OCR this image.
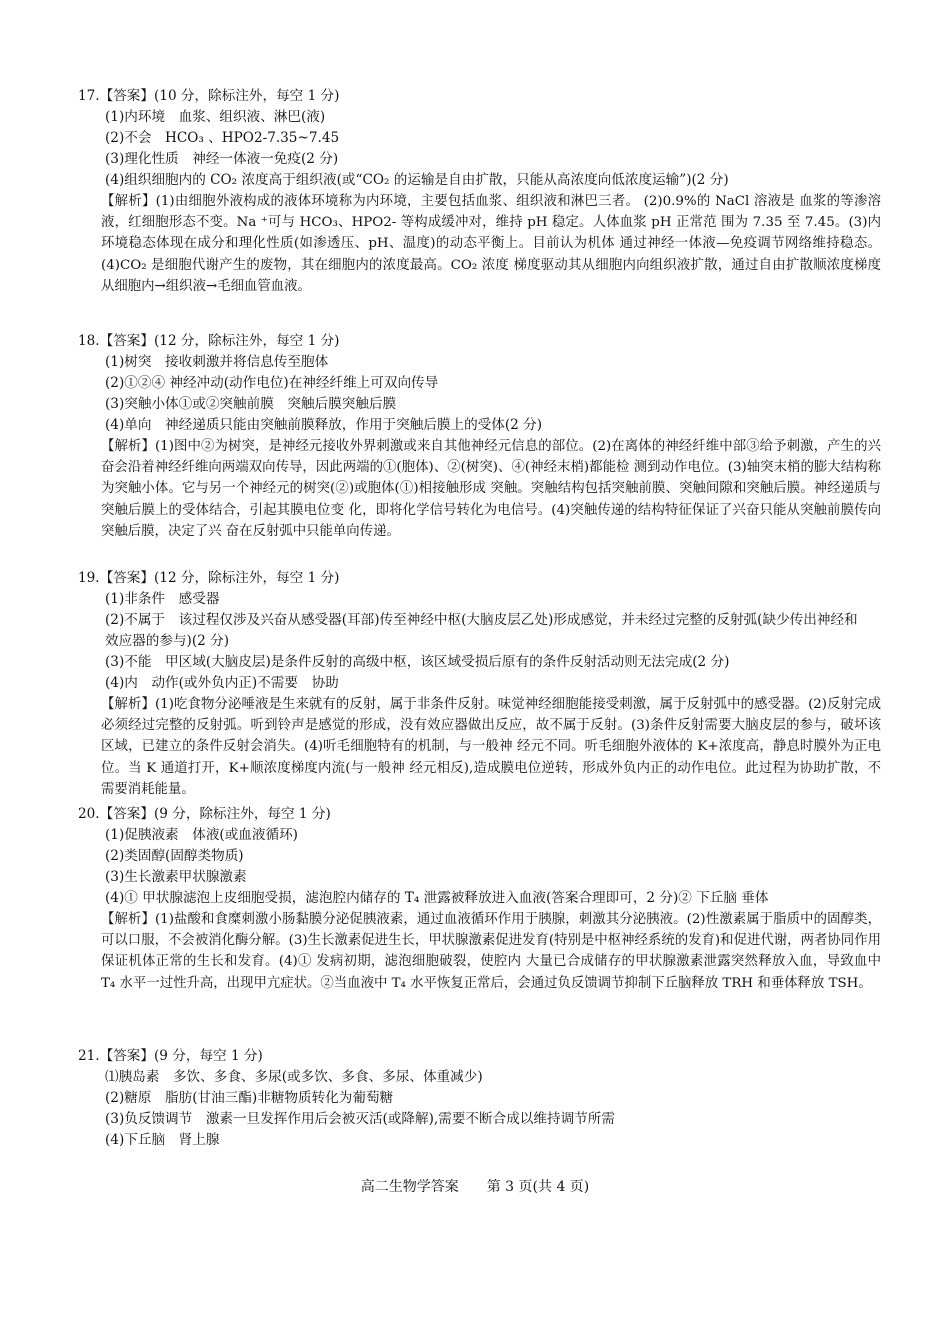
17.【答案】(10 分，除标注外，每空 1 分)
(1)内环境　血浆、组织液、淋巴(液)
(2)不会　HCO₃ 、HPO2-7.35~7.45
(3)理化性质　神经一体液一免疫(2 分)
(4)组织细胞内的 CO₂ 浓度高于组织液(或“CO₂ 的运输是自由扩散，只能从高浓度向低浓度运输”)(2 分)
【解析】(1)由细胞外液构成的液体环境称为内环境，主要包括血浆、组织液和淋巴三者。 (2)0.9%的 NaCl 溶液是 血浆的等渗溶液，红细胞形态不变。Na ⁺可与 HCO₃、HPO2- 等构成缓冲对，维持 pH 稳定。人体血浆 pH 正常范 围为 7.35 至 7.45。(3)内环境稳态体现在成分和理化性质(如渗透压、pH、温度)的动态平衡上。目前认为机体 通过神经一体液—免疫调节网络维持稳态。(4)CO₂ 是细胞代谢产生的废物，其在细胞内的浓度最高。CO₂ 浓度 梯度驱动其从细胞内向组织液扩散，通过自由扩散顺浓度梯度从细胞内→组织液→毛细血管血液。
18.【答案】(12 分，除标注外，每空 1 分)
(1)树突　接收刺激并将信息传至胞体
(2)①②④ 神经冲动(动作电位)在神经纤维上可双向传导
(3)突触小体①或②突触前膜　突触后膜突触后膜
(4)单向　神经递质只能由突触前膜释放，作用于突触后膜上的受体(2 分)
【解析】(1)图中②为树突，是神经元接收外界刺激或来自其他神经元信息的部位。(2)在离体的神经纤维中部③给予刺激，产生的兴奋会沿着神经纤维向两端双向传导，因此两端的①(胞体)、②(树突)、④(神经末梢)都能检 测到动作电位。(3)轴突末梢的膨大结构称为突触小体。它与另一个神经元的树突(②)或胞体(①)相接触形成 突触。突触结构包括突触前膜、突触间隙和突触后膜。神经递质与突触后膜上的受体结合，引起其膜电位变 化，即将化学信号转化为电信号。(4)突触传递的结构特征保证了兴奋只能从突触前膜传向突触后膜，决定了兴 奋在反射弧中只能单向传递。
19.【答案】(12 分，除标注外，每空 1 分)
(1)非条件　感受器
(2)不属于　该过程仅涉及兴奋从感受器(耳部)传至神经中枢(大脑皮层乙处)形成感觉，并未经过完整的反射弧(缺少传出神经和效应器的参与)(2 分)
(3)不能　甲区域(大脑皮层)是条件反射的高级中枢，该区域受损后原有的条件反射活动则无法完成(2 分)
(4)内　动作(或外负内正)不需要　协助
【解析】(1)吃食物分泌唾液是生来就有的反射，属于非条件反射。味觉神经细胞能接受刺激，属于反射弧中的感受器。(2)反射完成必须经过完整的反射弧。听到铃声是感觉的形成，没有效应器做出反应，故不属于反射。(3)条件反射需要大脑皮层的参与，破坏该区域，已建立的条件反射会消失。(4)听毛细胞特有的机制，与一般神 经元不同。听毛细胞外液体的 K+浓度高，静息时膜外为正电位。当 K 通道打开，K+顺浓度梯度内流(与一般神 经元相反),造成膜电位逆转，形成外负内正的动作电位。此过程为协助扩散，不需要消耗能量。
20.【答案】(9 分，除标注外，每空 1 分)
(1)促胰液素　体液(或血液循环)
(2)类固醇(固醇类物质)
(3)生长激素甲状腺激素
(4)① 甲状腺滤泡上皮细胞受损，滤泡腔内储存的 T₄ 泄露被释放进入血液(答案合理即可，2 分)② 下丘脑 垂体
【解析】(1)盐酸和食糜刺激小肠黏膜分泌促胰液素，通过血液循环作用于胰腺，刺激其分泌胰液。(2)性激素属于脂质中的固醇类，可以口服，不会被消化酶分解。(3)生长激素促进生长，甲状腺激素促进发育(特别是中枢神经系统的发育)和促进代谢，两者协同作用保证机体正常的生长和发育。(4)① 发病初期，滤泡细胞破裂，使腔内 大量已合成储存的甲状腺激素泄露突然释放入血，导致血中 T₄ 水平一过性升高，出现甲亢症状。②当血液中 T₄ 水平恢复正常后，会通过负反馈调节抑制下丘脑释放 TRH 和垂体释放 TSH。
21.【答案】(9 分，每空 1 分)
⑴胰岛素　多饮、多食、多尿(或多饮、多食、多尿、体重减少)
(2)糖原　脂肪(甘油三酯)非糖物质转化为葡萄糖
(3)负反馈调节　激素一旦发挥作用后会被灭活(或降解),需要不断合成以维持调节所需
(4)下丘脑　肾上腺
高二生物学答案　　第 3 页(共 4 页)
